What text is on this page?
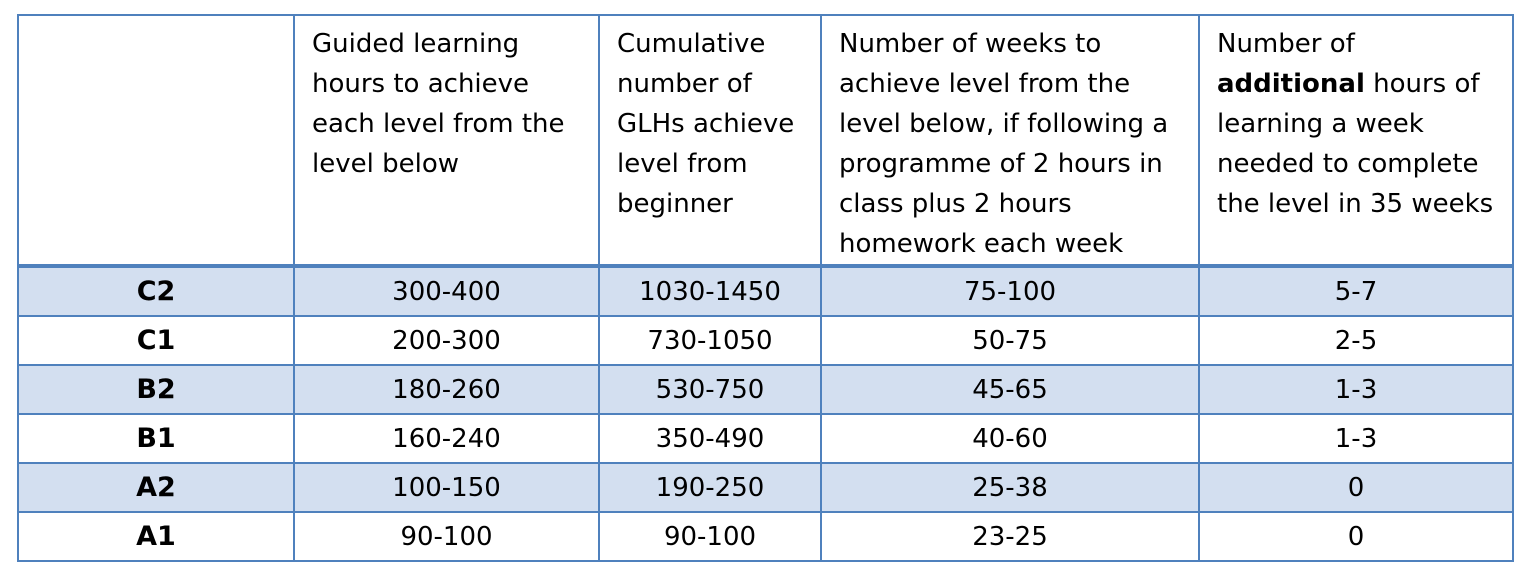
	Guided learning hours to achieve each level from the level below	Cumulative number of GLHs achieve level from beginner	Number of weeks to achieve level from the level below, if following a programme of 2 hours in class plus 2 hours homework each week	Number of additional hours of learning a week needed to complete the level in 35 weeks
C2	300-400	1030-1450	75-100	5-7
C1	200-300	730-1050	50-75	2-5
B2	180-260	530-750	45-65	1-3
B1	160-240	350-490	40-60	1-3
A2	100-150	190-250	25-38	0
A1	90-100	90-100	23-25	0
